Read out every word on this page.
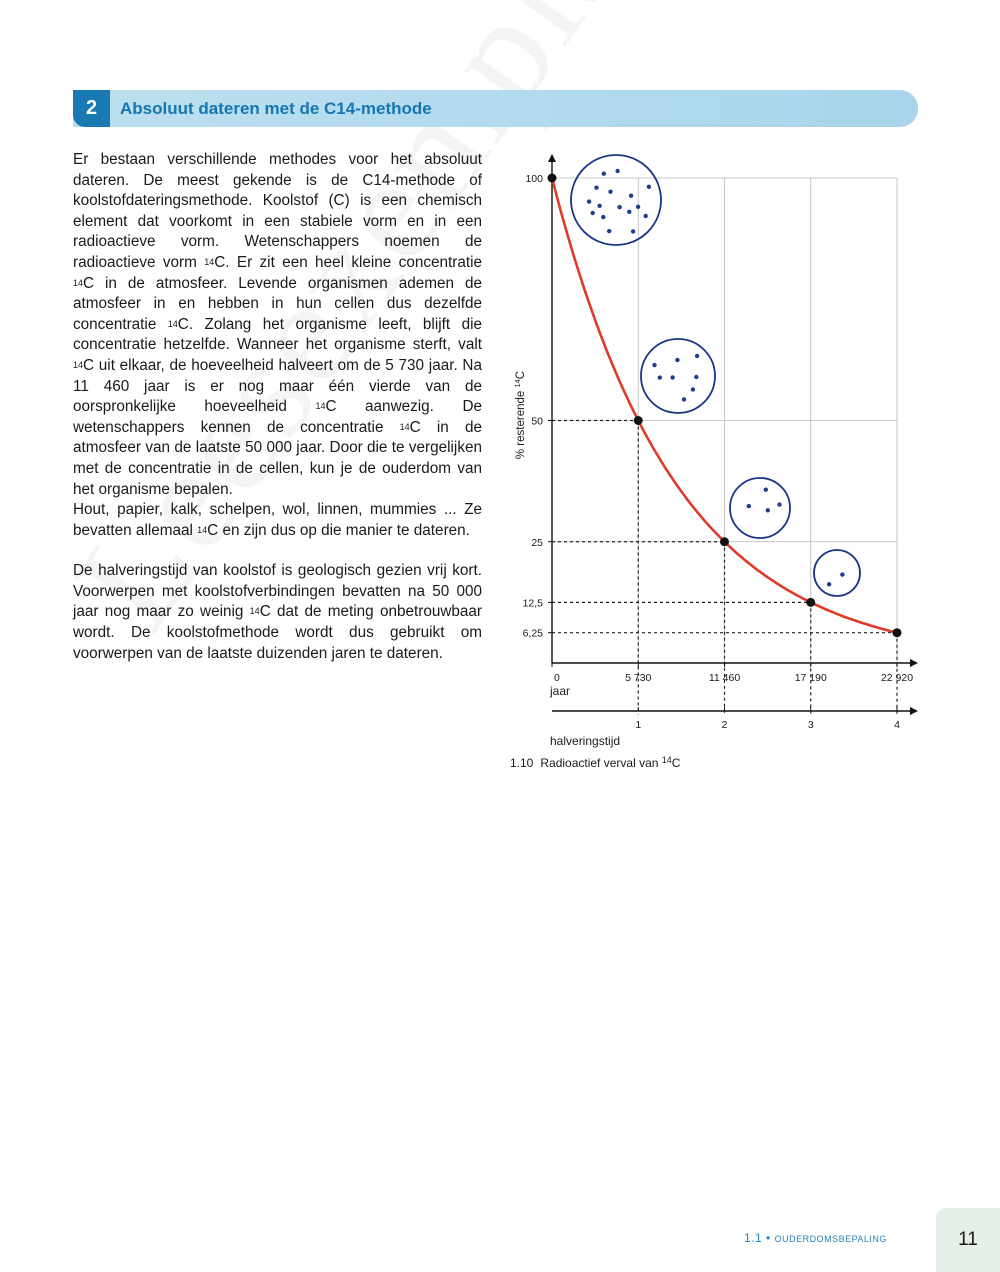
2	Absoluut dateren met de C14-methode

Er bestaan verschillende methodes voor het absoluut dateren. De meest gekende is de C14-methode of koolstofdateringsmethode. Koolstof (C) is een chemisch element dat voorkomt in een stabiele vorm en in een radioactieve vorm. Wetenschappers noemen de radioactieve vorm $^{14}$C. Er zit een heel kleine concentratie $^{14}$C in de atmosfeer. Levende organismen ademen de atmosfeer in en hebben in hun cellen dus dezelfde concentratie $^{14}$C. Zolang het organisme leeft, blijft die concentratie hetzelfde. Wanneer het organisme sterft, valt $^{14}$C uit elkaar, de hoeveelheid halveert om de 5 730 jaar. Na 11 460 jaar is er nog maar één vierde van de oorspronkelijke hoeveelheid $^{14}$C aanwezig. De wetenschappers kennen de concentratie $^{14}$C in de atmosfeer van de laatste 50 000 jaar. Door die te vergelijken met de concentratie in de cellen, kun je de ouderdom van het organisme bepalen.

Hout, papier, kalk, schelpen, wol, linnen, mummies ... Ze bevatten allemaal $^{14}$C en zijn dus op die manier te dateren.

De halveringstijd van koolstof is geologisch gezien vrij kort. Voorwerpen met koolstofverbindingen bevatten na 50 000 jaar nog maar zo weinig $^{14}$C dat de meting onbetrouwbaar wordt. De koolstofmethode wordt dus gebruikt om voorwerpen van de laatste duizenden jaren te dateren.

100
50
25
12,5
6,25
0	5 730	11 460	17 190	22 920
jaar
1	2	3	4
halveringstijd
% resterende $^{14}$C
1.10 Radioactief verval van $^{14}$C
1.1 • ouderdomsbepaling	11
